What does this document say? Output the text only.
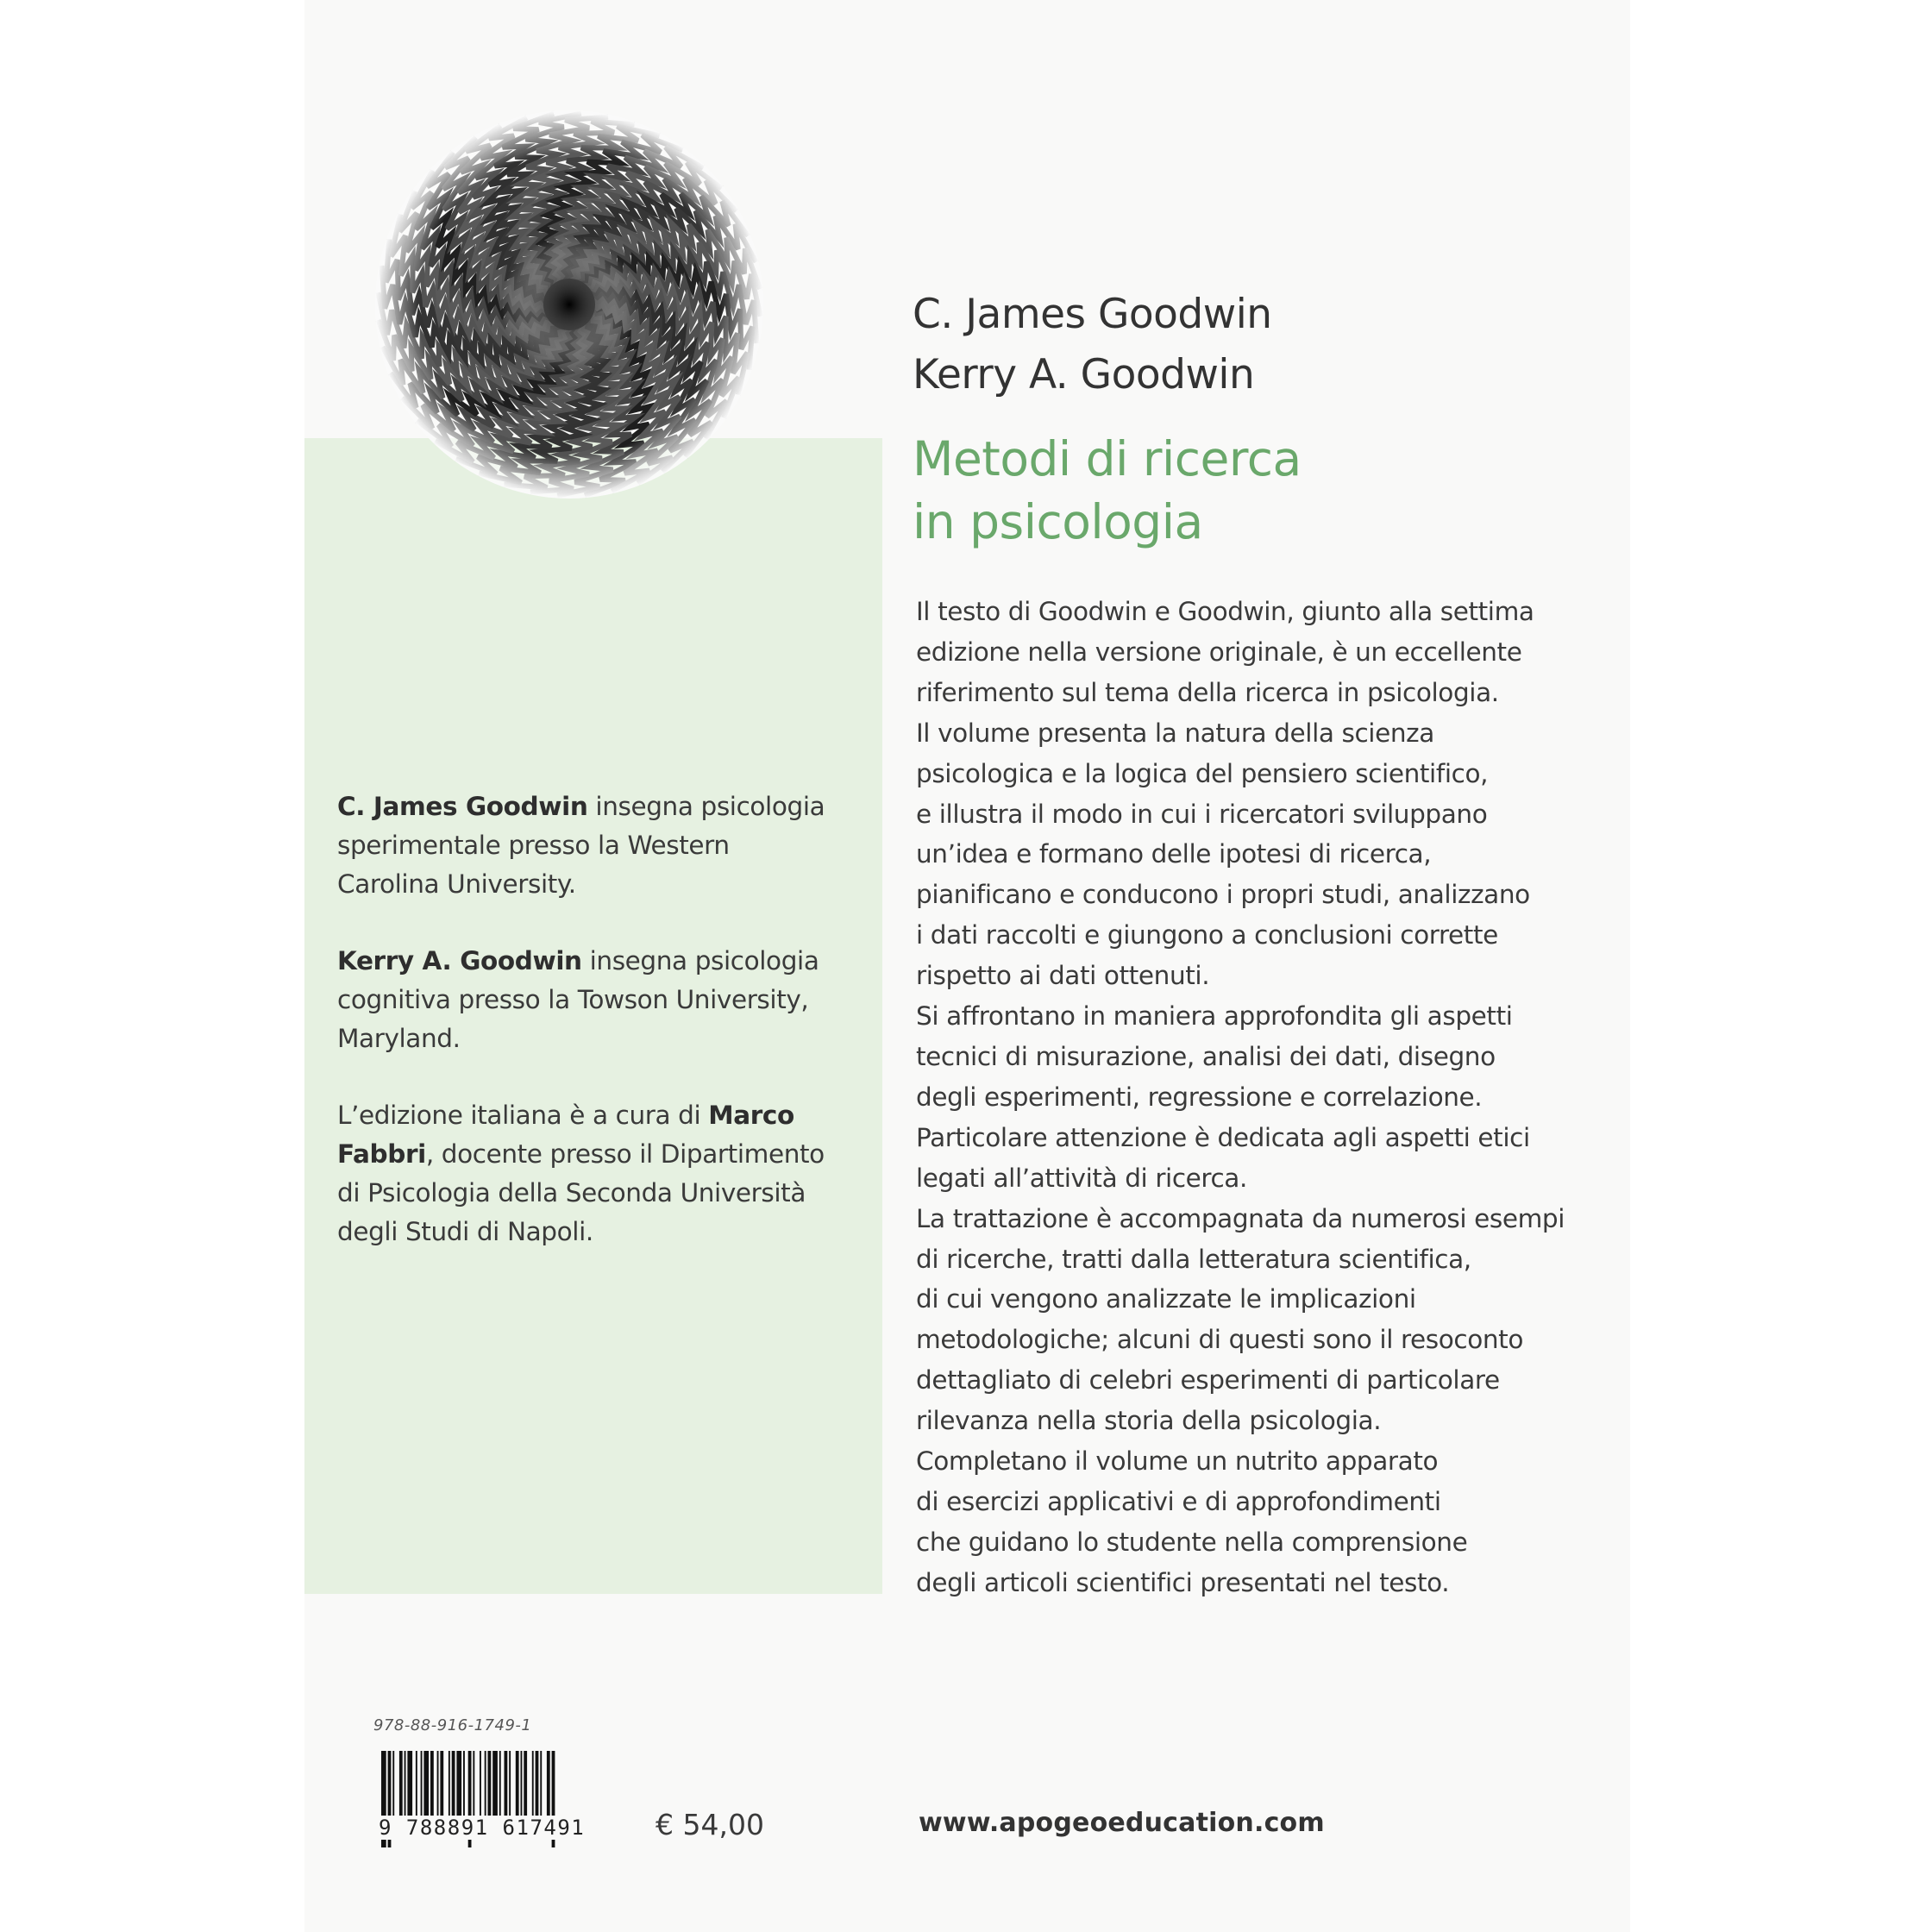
C. James Goodwin
Kerry A. Goodwin
Metodi di ricerca
in psicologia
Il testo di Goodwin e Goodwin, giunto alla settima
edizione nella versione originale, è un eccellente
riferimento sul tema della ricerca in psicologia.
Il volume presenta la natura della scienza
psicologica e la logica del pensiero scientifico,
e illustra il modo in cui i ricercatori sviluppano
un’idea e formano delle ipotesi di ricerca,
pianificano e conducono i propri studi, analizzano
i dati raccolti e giungono a conclusioni corrette
rispetto ai dati ottenuti.
Si affrontano in maniera approfondita gli aspetti
tecnici di misurazione, analisi dei dati, disegno
degli esperimenti, regressione e correlazione.
Particolare attenzione è dedicata agli aspetti etici
legati all’attività di ricerca.
La trattazione è accompagnata da numerosi esempi
di ricerche, tratti dalla letteratura scientifica,
di cui vengono analizzate le implicazioni
metodologiche; alcuni di questi sono il resoconto
dettagliato di celebri esperimenti di particolare
rilevanza nella storia della psicologia.
Completano il volume un nutrito apparato
di esercizi applicativi e di approfondimenti
che guidano lo studente nella comprensione
degli articoli scientifici presentati nel testo.
C. James Goodwin insegna psicologia
sperimentale presso la Western
Carolina University.
Kerry A. Goodwin insegna psicologia
cognitiva presso la Towson University,
Maryland.
L’edizione italiana è a cura di Marco
Fabbri, docente presso il Dipartimento
di Psicologia della Seconda Università
degli Studi di Napoli.
978-88-916-1749-1
9 788891 617491 € 54,00	www.apogeoeducation.com
